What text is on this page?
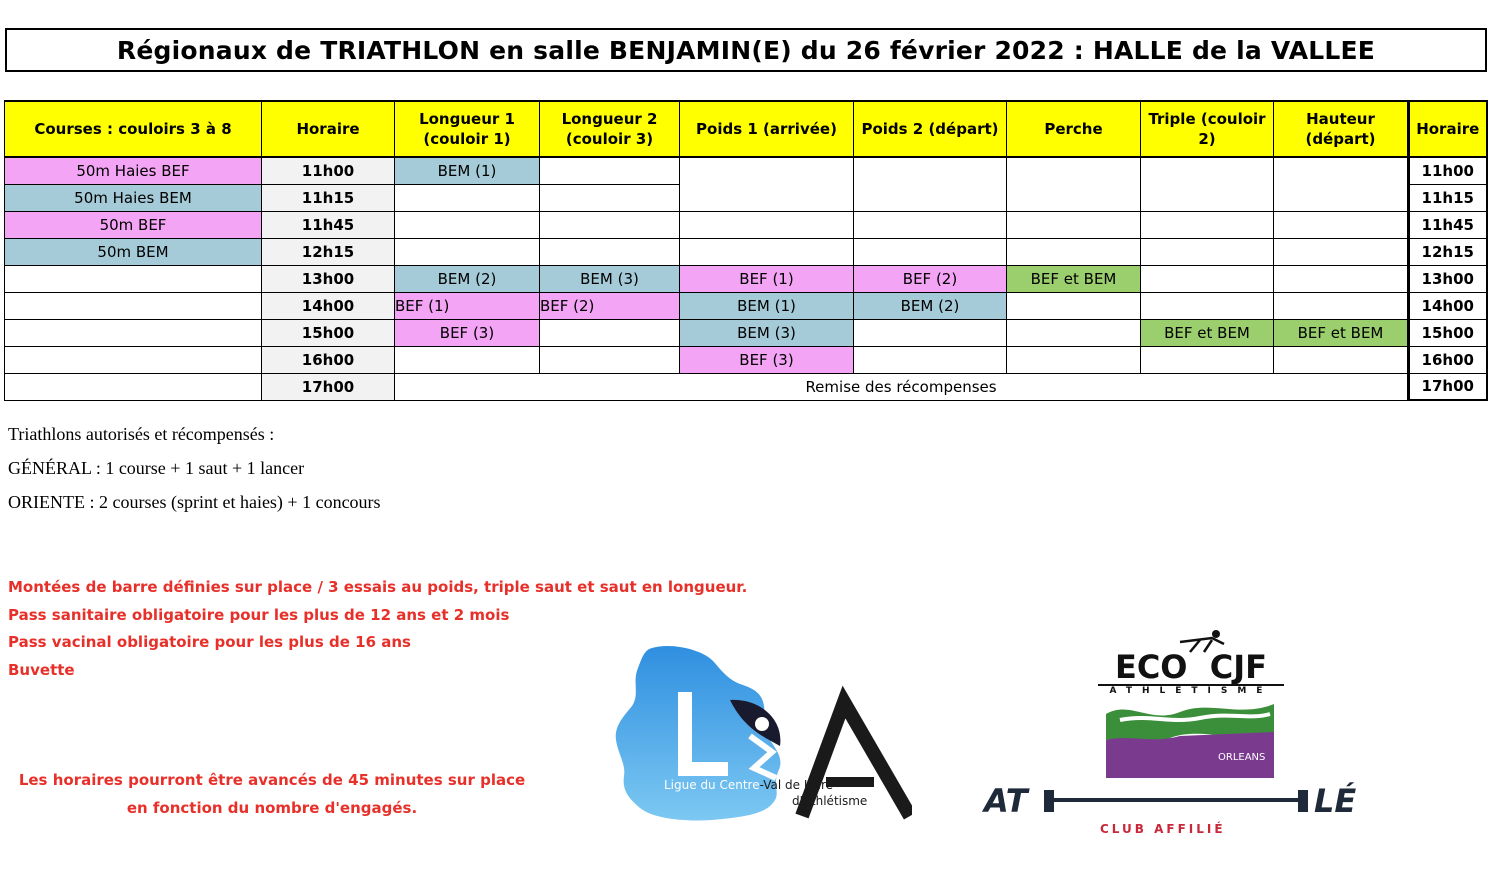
Régionaux de TRIATHLON en salle BENJAMIN(E) du 26 février 2022 : HALLE de la VALLEE
Courses : couloirs 3 à 8	Horaire	Longueur 1 (couloir 1)	Longueur 2 (couloir 3)	Poids 1 (arrivée)	Poids 2 (départ)	Perche	Triple (couloir 2)	Hauteur (départ)	Horaire
50m Haies BEF	11h00	BEM (1)							11h00
50m Haies BEM	11h15								11h15
50m BEF	11h45								11h45
50m BEM	12h15								12h15
	13h00	BEM (2)	BEM (3)	BEF (1)	BEF (2)	BEF et BEM			13h00
	14h00	BEF (1)	BEF (2)	BEM (1)	BEM (2)				14h00
	15h00	BEF (3)		BEM (3)			BEF et BEM	BEF et BEM	15h00
	16h00			BEF (3)					16h00
	17h00	Remise des récompenses							17h00
Triathlons autorisés et récompensés :
GÉNÉRAL : 1 course + 1 saut + 1 lancer
ORIENTE : 2 courses (sprint et haies) + 1 concours
Montées de barre définies sur place / 3 essais au poids, triple saut et saut en longueur.
Pass sanitaire obligatoire pour les plus de 12 ans et 2 mois
Pass vacinal obligatoire pour les plus de 16 ans
Buvette
Les horaires pourront être avancés de 45 minutes sur place
en fonction du nombre d'engagés.
Ligue du Centre-Val de Loire
d'Athlétisme
ECO  CJF
ATHLETISME
ORLEANS
AT	LÉ
CLUB AFFILIÉ
